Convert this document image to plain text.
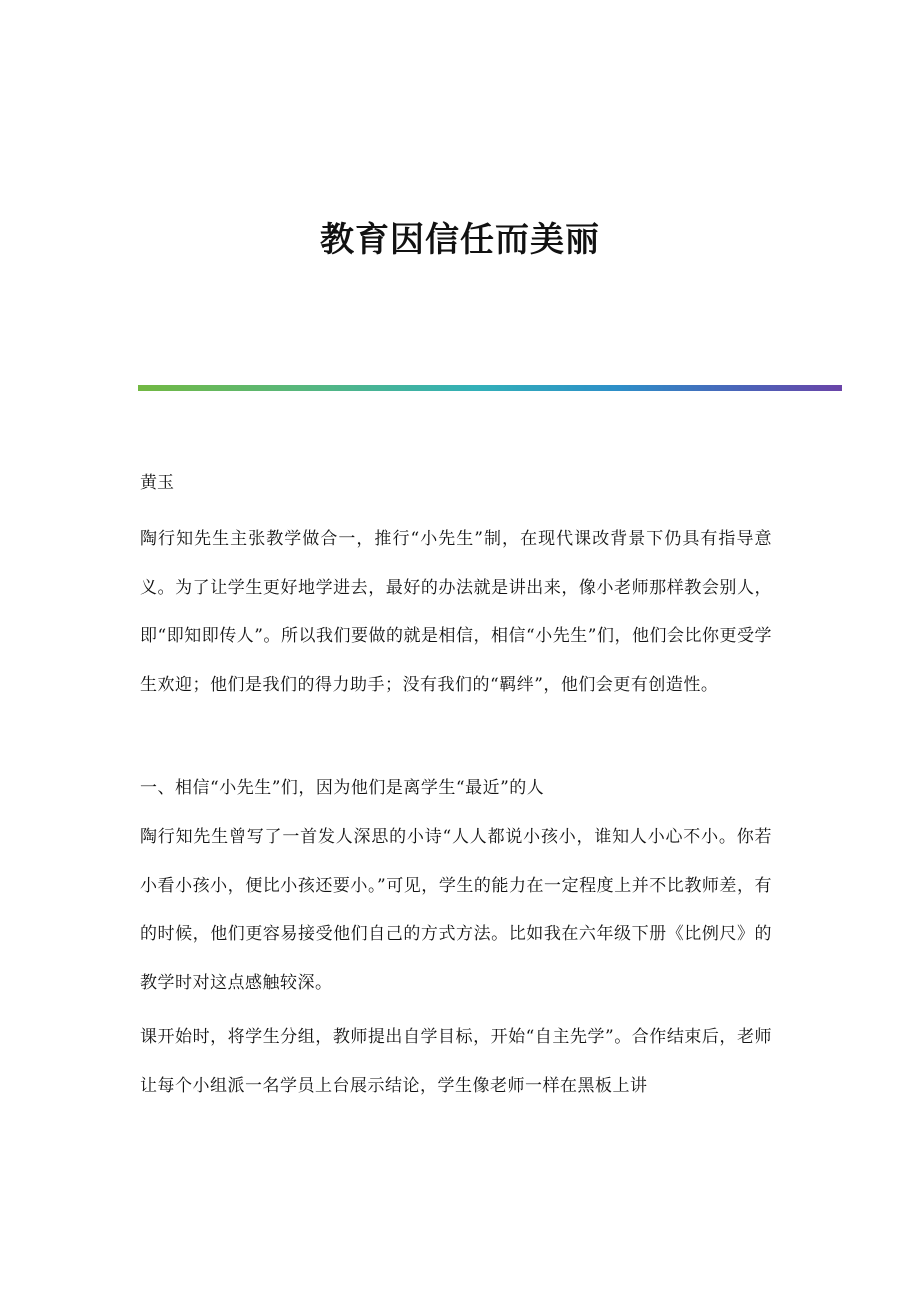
教育因信任而美丽

黄玉

陶行知先生主张教学做合一，推行“小先生”制，在现代课改背景下仍具有指导意义。为了让学生更好地学进去，最好的办法就是讲出来，像小老师那样教会别人，即“即知即传人”。所以我们要做的就是相信，相信“小先生”们，他们会比你更受学生欢迎；他们是我们的得力助手；没有我们的“羁绊”，他们会更有创造性。

一、相信“小先生”们，因为他们是离学生“最近”的人

陶行知先生曾写了一首发人深思的小诗“人人都说小孩小，谁知人小心不小。你若小看小孩小，便比小孩还要小。”可见，学生的能力在一定程度上并不比教师差，有的时候，他们更容易接受他们自己的方式方法。比如我在六年级下册《比例尺》的教学时对这点感触较深。

课开始时，将学生分组，教师提出自学目标，开始“自主先学”。合作结束后，老师让每个小组派一名学员上台展示结论，学生像老师一样在黑板上讲
